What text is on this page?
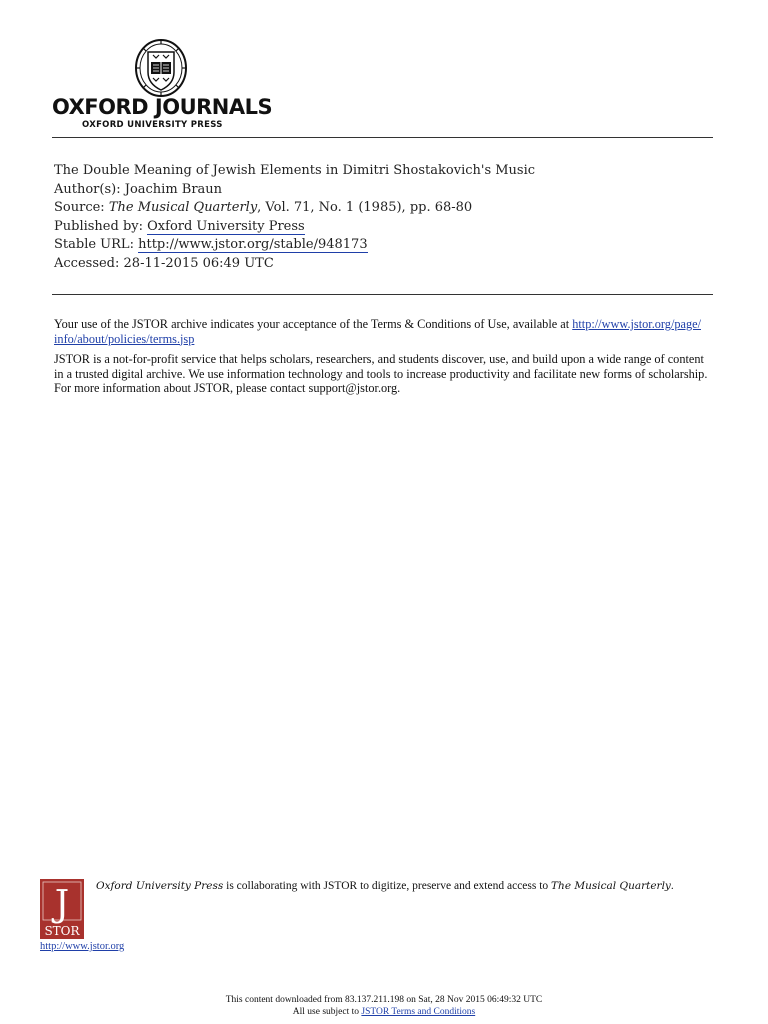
OXFORD JOURNALS
OXFORD UNIVERSITY PRESS
The Double Meaning of Jewish Elements in Dimitri Shostakovich's Music
Author(s): Joachim Braun
Source: The Musical Quarterly, Vol. 71, No. 1 (1985), pp. 68-80
Published by: Oxford University Press
Stable URL: http://www.jstor.org/stable/948173
Accessed: 28-11-2015 06:49 UTC

Your use of the JSTOR archive indicates your acceptance of the Terms & Conditions of Use, available at http://www.jstor.org/page/ info/about/policies/terms.jsp

JSTOR is a not-for-profit service that helps scholars, researchers, and students discover, use, and build upon a wide range of content in a trusted digital archive. We use information technology and tools to increase productivity and facilitate new forms of scholarship. For more information about JSTOR, please contact support@jstor.org.

J
STOR
Oxford University Press is collaborating with JSTOR to digitize, preserve and extend access to The Musical Quarterly.
http://www.jstor.org
This content downloaded from 83.137.211.198 on Sat, 28 Nov 2015 06:49:32 UTC
All use subject to JSTOR Terms and Conditions
